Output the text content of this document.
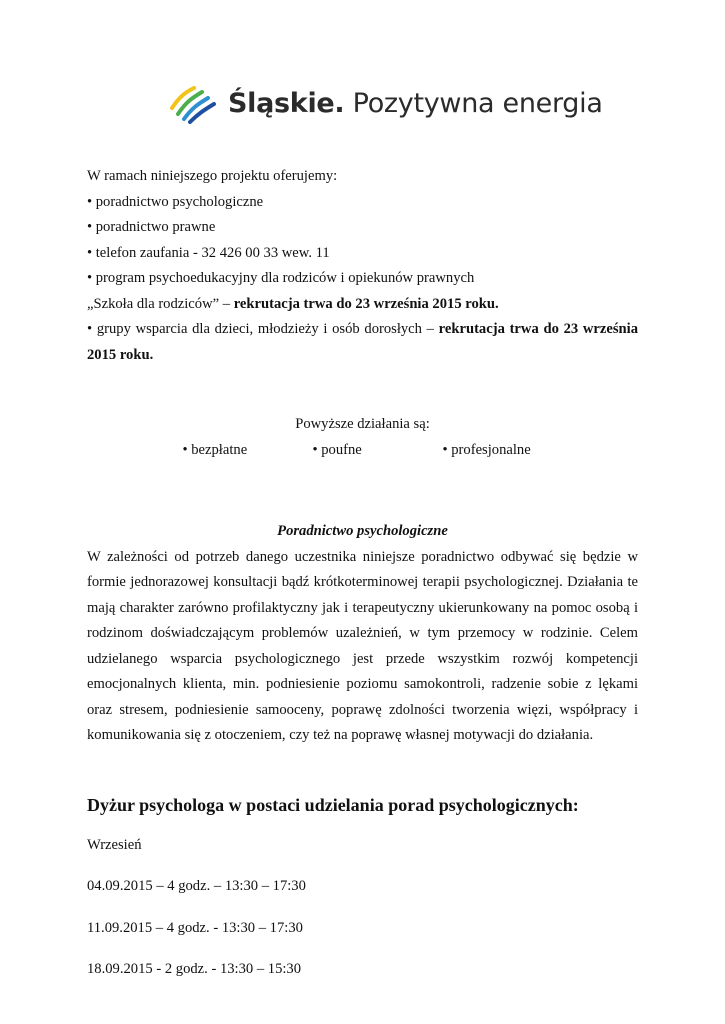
Śląskie. Pozytywna energia

W ramach niniejszego projektu oferujemy:

• poradnictwo psychologiczne

• poradnictwo prawne

• telefon zaufania - 32 426 00 33 wew. 11

• program psychoedukacyjny dla rodziców i opiekunów prawnych

„Szkoła dla rodziców” – rekrutacja trwa do 23 września 2015 roku.

• grupy wsparcia dla dzieci, młodzieży i osób dorosłych – rekrutacja trwa do 23 września 2015 roku.

Powyższe działania są:

• bezpłatne	• poufne	• profesjonalne

Poradnictwo psychologiczne

W zależności od potrzeb danego uczestnika niniejsze poradnictwo odbywać się będzie w formie jednorazowej konsultacji bądź krótkoterminowej terapii psychologicznej. Działania te mają charakter zarówno profilaktyczny jak i terapeutyczny ukierunkowany na pomoc osobą i rodzinom doświadczającym problemów uzależnień, w tym przemocy w rodzinie. Celem udzielanego wsparcia psychologicznego jest przede wszystkim rozwój kompetencji emocjonalnych klienta, min. podniesienie poziomu samokontroli, radzenie sobie z lękami oraz stresem, podniesienie samooceny, poprawę zdolności tworzenia więzi, współpracy i komunikowania się z otoczeniem, czy też na poprawę własnej motywacji do działania.

Dyżur psychologa w postaci udzielania porad psychologicznych:

Wrzesień

04.09.2015 – 4 godz. – 13:30 – 17:30

11.09.2015 – 4 godz. - 13:30 – 17:30

18.09.2015 - 2 godz. - 13:30 – 15:30
